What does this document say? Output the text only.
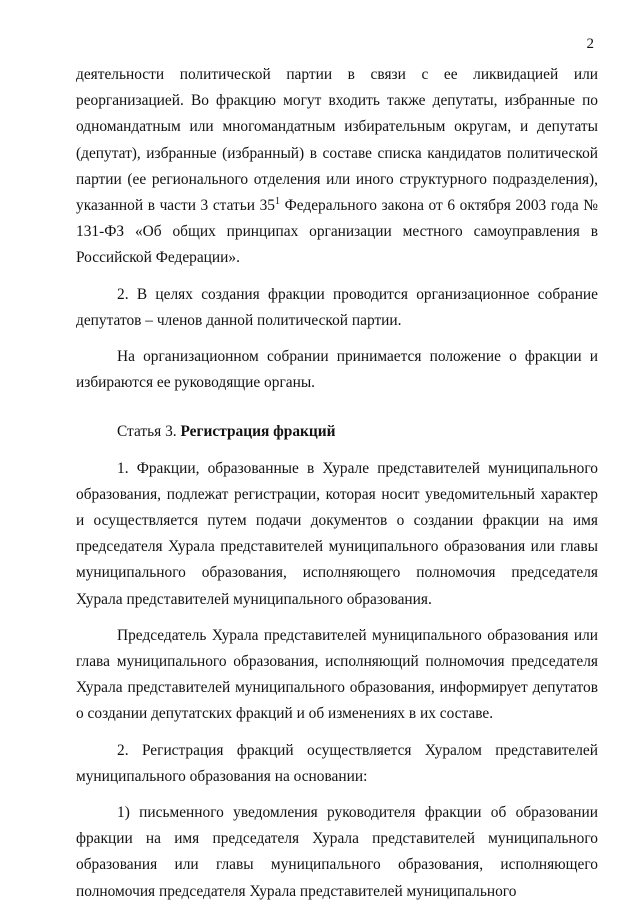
2

деятельности политической партии в связи с ее ликвидацией или реорганизацией. Во фракцию могут входить также депутаты, избранные по одномандатным или многомандатным избирательным округам, и депутаты (депутат), избранные (избранный) в составе списка кандидатов политической партии (ее регионального отделения или иного структурного подразделения), указанной в части 3 статьи $35^1$ Федерального закона от 6 октября 2003 года № 131-ФЗ «Об общих принципах организации местного самоуправления в Российской Федерации».

2. В целях создания фракции проводится организационное собрание депутатов – членов данной политической партии.

На организационном собрании принимается положение о фракции и избираются ее руководящие органы.

Статья 3. Регистрация фракций

1. Фракции, образованные в Хурале представителей муниципального образования, подлежат регистрации, которая носит уведомительный характер и осуществляется путем подачи документов о создании фракции на имя председателя Хурала представителей муниципального образования или главы муниципального образования, исполняющего полномочия председателя Хурала представителей муниципального образования.

Председатель Хурала представителей муниципального образования или глава муниципального образования, исполняющий полномочия председателя Хурала представителей муниципального образования, информирует депутатов о создании депутатских фракций и об изменениях в их составе.

2. Регистрация фракций осуществляется Хуралом представителей муниципального образования на основании:

1) письменного уведомления руководителя фракции об образовании фракции на имя председателя Хурала представителей муниципального образования или главы муниципального образования, исполняющего полномочия председателя Хурала представителей муниципального
